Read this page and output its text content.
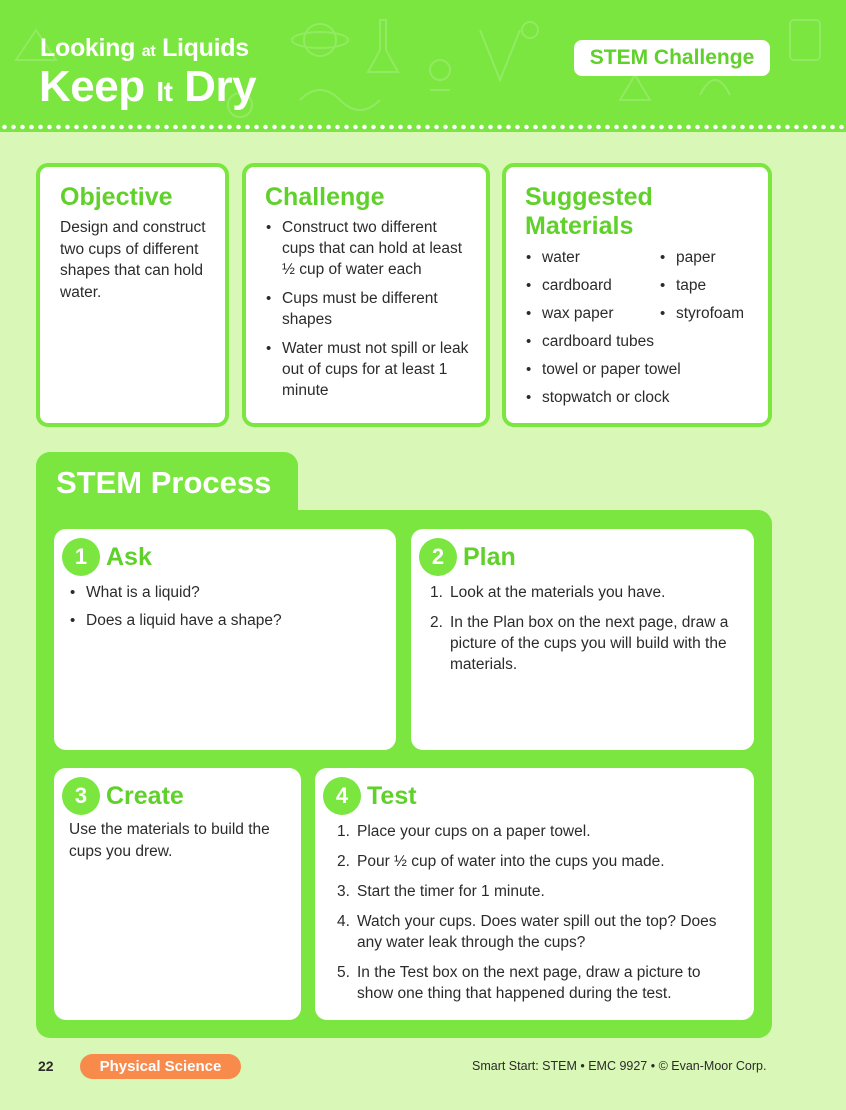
Looking at Liquids
Keep It Dry
STEM Challenge
Objective

Design and construct two cups of different shapes that can hold water.

Challenge
• Construct two different cups that can hold at least ½ cup of water each
• Cups must be different shapes
• Water must not spill or leak out of cups for at least 1 minute
Suggested
Materials
• water
• cardboard
• wax paper
• cardboard tubes
• towel or paper towel
• stopwatch or clock
• paper
• tape
• styrofoam
STEM Process
1 Ask
• What is a liquid?
• Does a liquid have a shape?
2 Plan
1. Look at the materials you have.
2. In the Plan box on the next page, draw a picture of the cups you will build with the materials.
3 Create

Use the materials to build the cups you drew.

4 Test
1. Place your cups on a paper towel.
2. Pour ½ cup of water into the cups you made.
3. Start the timer for 1 minute.
4. Watch your cups. Does water spill out the top? Does any water leak through the cups?
5. In the Test box on the next page, draw a picture to show one thing that happened during the test.
22	Physical Science	Smart Start: STEM • EMC 9927 • © Evan-Moor Corp.
